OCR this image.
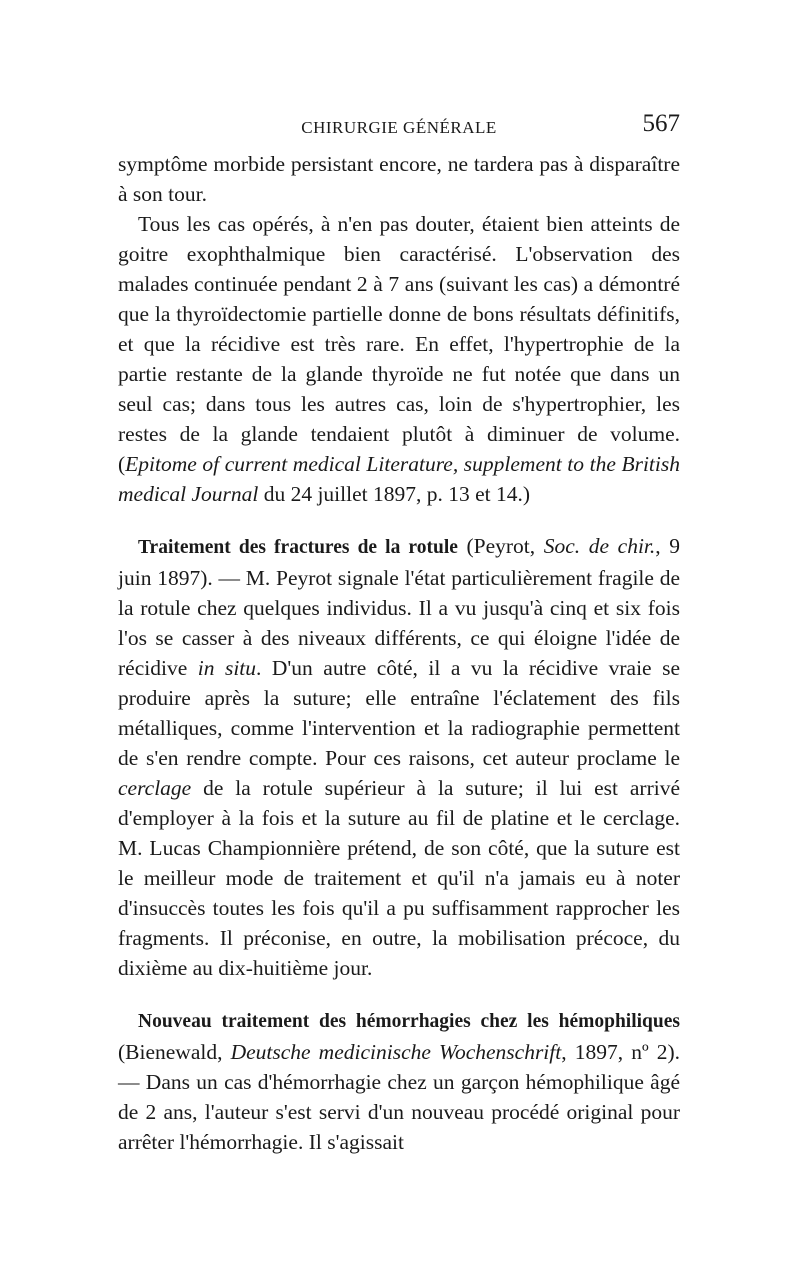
CHIRURGIE GÉNÉRALE	567

symptôme morbide persistant encore, ne tardera pas à disparaître à son tour.

Tous les cas opérés, à n'en pas douter, étaient bien atteints de goitre exophthalmique bien caractérisé. L'observation des malades continuée pendant 2 à 7 ans (suivant les cas) a démontré que la thyroïdectomie partielle donne de bons résultats définitifs, et que la récidive est très rare. En effet, l'hypertrophie de la partie restante de la glande thyroïde ne fut notée que dans un seul cas; dans tous les autres cas, loin de s'hypertrophier, les restes de la glande tendaient plutôt à diminuer de volume. (Epitome of current medical Literature, supplement to the British medical Journal du 24 juillet 1897, p. 13 et 14.)

Traitement des fractures de la rotule (Peyrot, Soc. de chir., 9 juin 1897). — M. Peyrot signale l'état particulièrement fragile de la rotule chez quelques individus. Il a vu jusqu'à cinq et six fois l'os se casser à des niveaux différents, ce qui éloigne l'idée de récidive in situ. D'un autre côté, il a vu la récidive vraie se produire après la suture; elle entraîne l'éclatement des fils métalliques, comme l'intervention et la radiographie permettent de s'en rendre compte. Pour ces raisons, cet auteur proclame le cerclage de la rotule supérieur à la suture; il lui est arrivé d'employer à la fois et la suture au fil de platine et le cerclage. M. Lucas Championnière prétend, de son côté, que la suture est le meilleur mode de traitement et qu'il n'a jamais eu à noter d'insuccès toutes les fois qu'il a pu suffisamment rapprocher les fragments. Il préconise, en outre, la mobilisation précoce, du dixième au dix-huitième jour.

Nouveau traitement des hémorrhagies chez les hémophiliques (Bienewald, Deutsche medicinische Wochenschrift, 1897, nº 2). — Dans un cas d'hémorrhagie chez un garçon hémophilique âgé de 2 ans, l'auteur s'est servi d'un nouveau procédé original pour arrêter l'hémorrhagie. Il s'agissait
